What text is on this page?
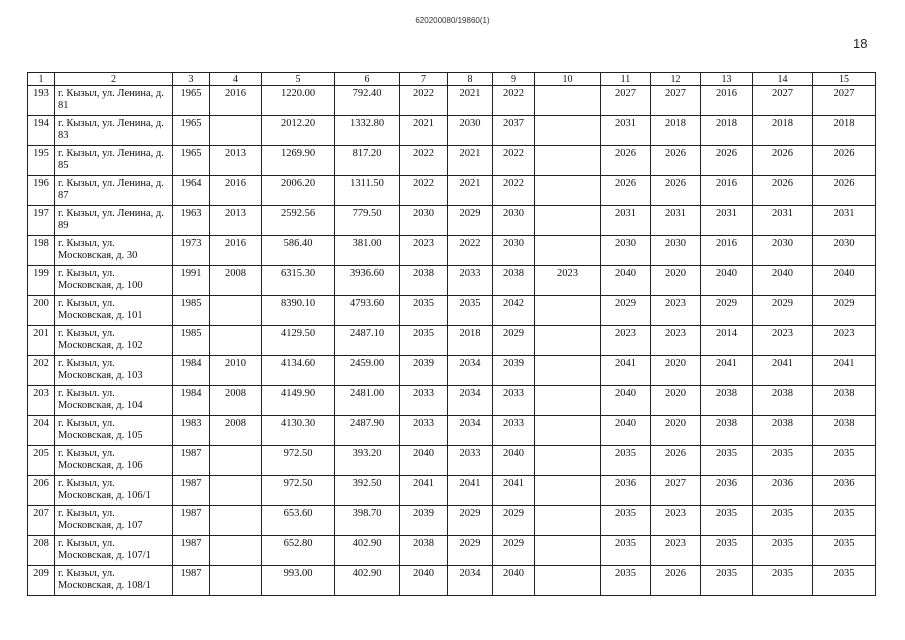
620200080/19860(1)
18
1	2	3	4	5	6	7	8	9	10	11	12	13	14	15
193	г. Кызыл, ул. Ленина, д. 81	1965	2016	1220.00	792.40	2022	2021	2022		2027	2027	2016	2027	2027
194	г. Кызыл, ул. Ленина, д. 83	1965		2012.20	1332.80	2021	2030	2037		2031	2018	2018	2018	2018
195	г. Кызыл, ул. Ленина, д. 85	1965	2013	1269.90	817.20	2022	2021	2022		2026	2026	2026	2026	2026
196	г. Кызыл, ул. Ленина, д. 87	1964	2016	2006.20	1311.50	2022	2021	2022		2026	2026	2016	2026	2026
197	г. Кызыл, ул. Ленина, д. 89	1963	2013	2592.56	779.50	2030	2029	2030		2031	2031	2031	2031	2031
198	г. Кызыл, ул. Московская, д. 30	1973	2016	586.40	381.00	2023	2022	2030		2030	2030	2016	2030	2030
199	г. Кызыл, ул. Московская, д. 100	1991	2008	6315.30	3936.60	2038	2033	2038	2023	2040	2020	2040	2040	2040
200	г. Кызыл, ул. Московская, д. 101	1985		8390.10	4793.60	2035	2035	2042		2029	2023	2029	2029	2029
201	г. Кызыл, ул. Московская, д. 102	1985		4129.50	2487.10	2035	2018	2029		2023	2023	2014	2023	2023
202	г. Кызыл, ул. Московская, д. 103	1984	2010	4134.60	2459.00	2039	2034	2039		2041	2020	2041	2041	2041
203	г. Кызыл. ул. Московская, д. 104	1984	2008	4149.90	2481.00	2033	2034	2033		2040	2020	2038	2038	2038
204	г. Кызыл, ул. Московская, д. 105	1983	2008	4130.30	2487.90	2033	2034	2033		2040	2020	2038	2038	2038
205	г. Кызыл, ул. Московская, д. 106	1987		972.50	393.20	2040	2033	2040		2035	2026	2035	2035	2035
206	г. Кызыл, ул. Московская, д. 106/1	1987		972.50	392.50	2041	2041	2041		2036	2027	2036	2036	2036
207	г. Кызыл, ул. Московская, д. 107	1987		653.60	398.70	2039	2029	2029		2035	2023	2035	2035	2035
208	г. Кызыл, ул. Московская, д. 107/1	1987		652.80	402.90	2038	2029	2029		2035	2023	2035	2035	2035
209	г. Кызыл, ул. Московская, д. 108/1	1987		993.00	402.90	2040	2034	2040		2035	2026	2035	2035	2035
